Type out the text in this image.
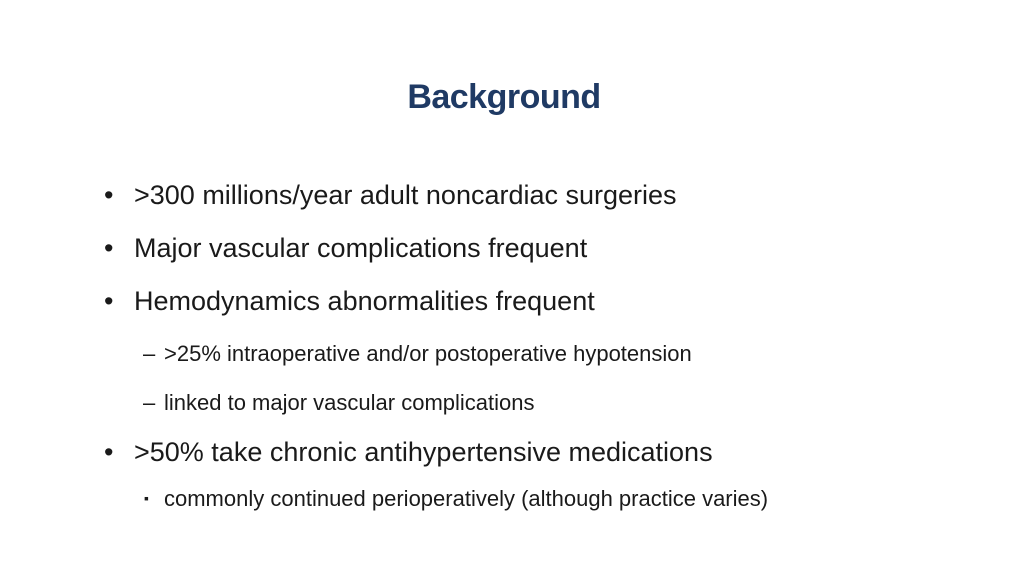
Background
• >300 millions/year adult noncardiac surgeries
• Major vascular complications frequent
• Hemodynamics abnormalities frequent
– >25% intraoperative and/or postoperative hypotension
– linked to major vascular complications
• >50% take chronic antihypertensive medications
▪ commonly continued perioperatively (although practice varies)
